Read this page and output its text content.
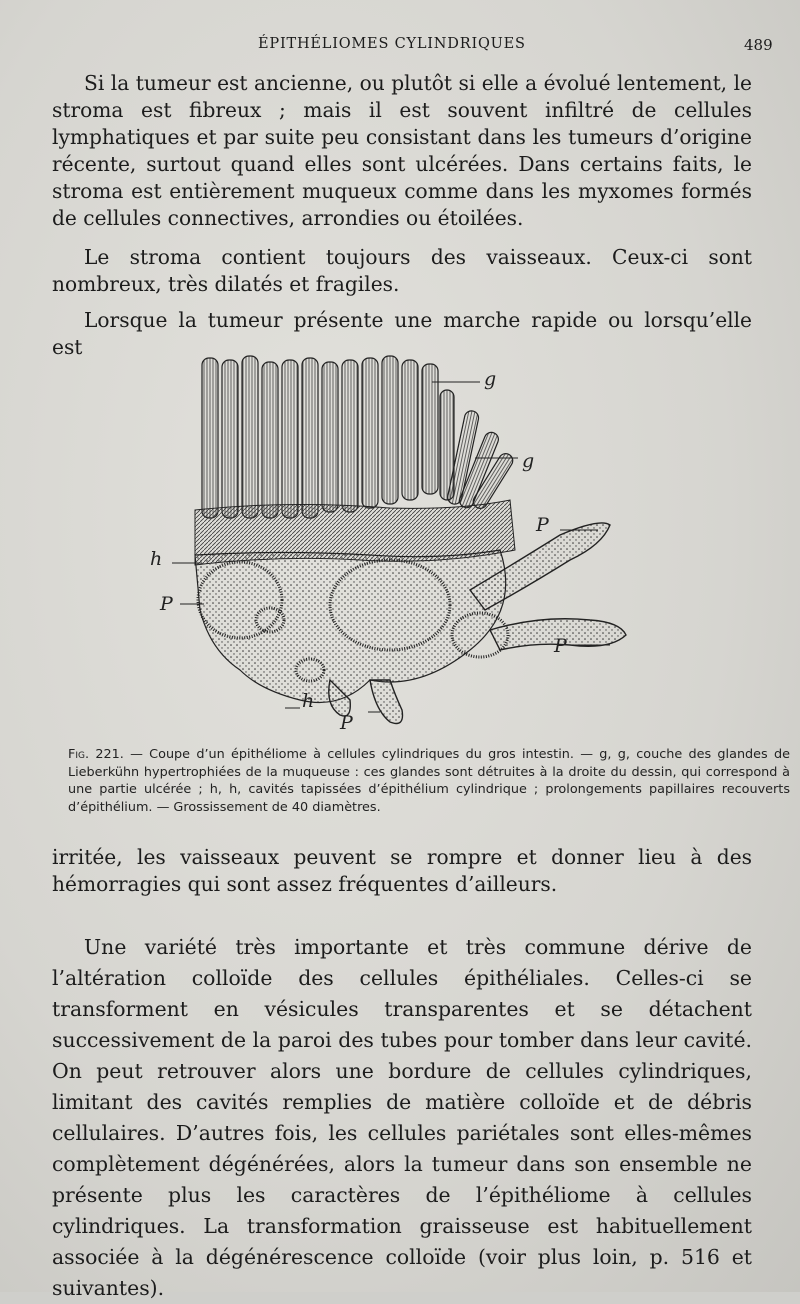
ÉPITHÉLIOMES CYLINDRIQUES	489

Si la tumeur est ancienne, ou plutôt si elle a évolué lentement, le stroma est fibreux ; mais il est souvent infiltré de cellules lymphatiques et par suite peu consistant dans les tumeurs d’origine récente, surtout quand elles sont ulcérées. Dans certains faits, le stroma est entièrement muqueux comme dans les myxomes formés de cellules connectives, arrondies ou étoilées.

Le stroma contient toujours des vaisseaux. Ceux-ci sont nombreux, très dilatés et fragiles.

Lorsque la tumeur présente une marche rapide ou lorsqu’elle est

g
g
P
P
P
P
h
h

Fig. 221. — Coupe d’un épithéliome à cellules cylindriques du gros intestin. — g, g, couche des glandes de Lieberkühn hypertrophiées de la muqueuse : ces glandes sont détruites à la droite du dessin, qui correspond à une partie ulcérée ; h, h, cavités tapissées d’épithélium cylindrique ; prolongements papillaires recouverts d’épithélium. — Grossissement de 40 diamètres.

irritée, les vaisseaux peuvent se rompre et donner lieu à des hémorragies qui sont assez fréquentes d’ailleurs.

Une variété très importante et très commune dérive de l’altération colloïde des cellules épithéliales. Celles-ci se transforment en vésicules transparentes et se détachent successivement de la paroi des tubes pour tomber dans leur cavité. On peut retrouver alors une bordure de cellules cylindriques, limitant des cavités remplies de matière colloïde et de débris cellulaires. D’autres fois, les cellules pariétales sont elles-mêmes complètement dégénérées, alors la tumeur dans son ensemble ne présente plus les caractères de l’épithéliome à cellules cylindriques. La transformation graisseuse est habituellement associée à la dégénérescence colloïde (voir plus loin, p. 516 et suivantes).
